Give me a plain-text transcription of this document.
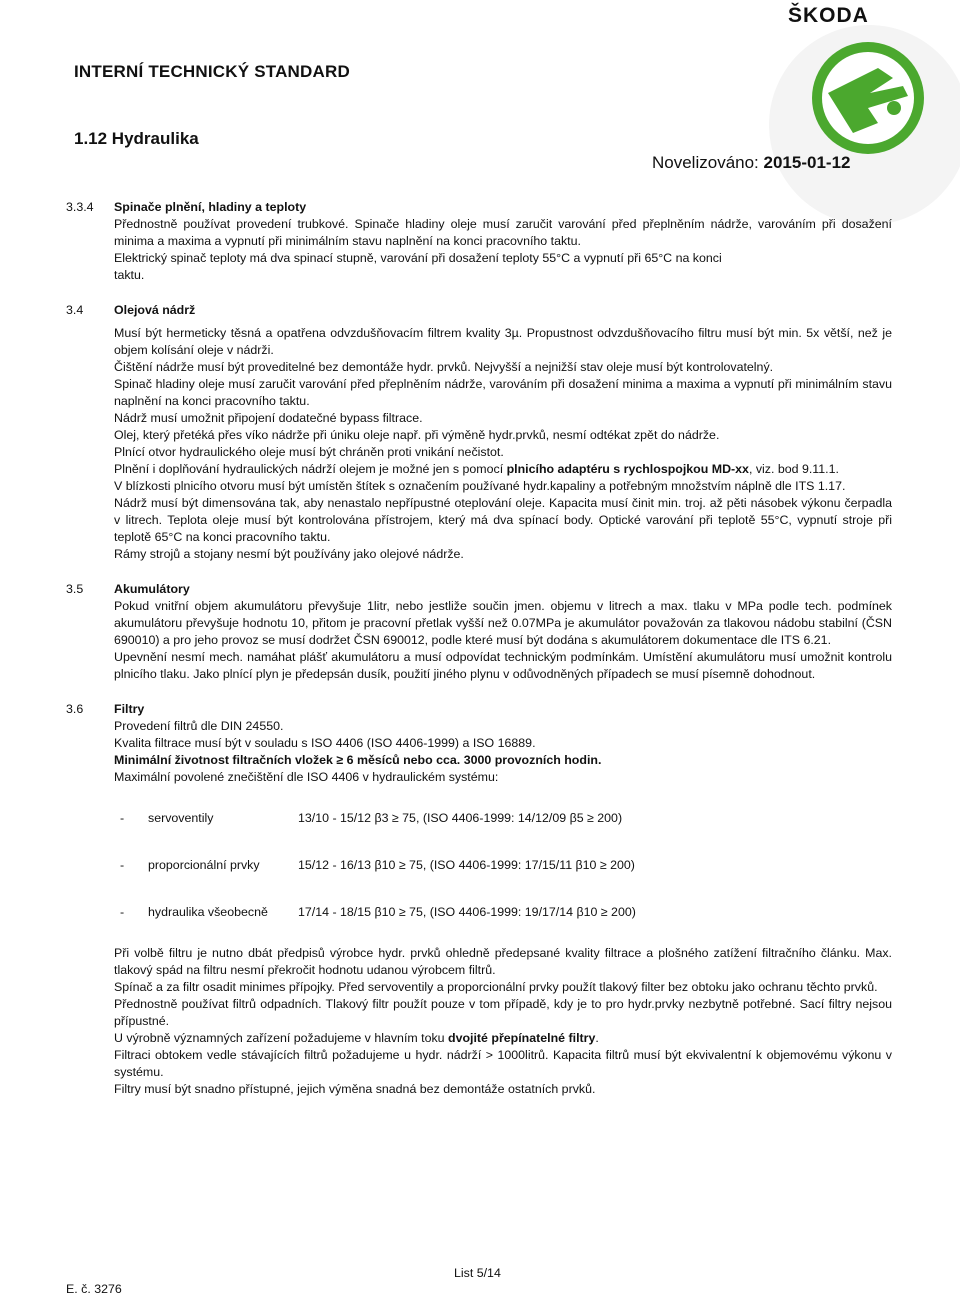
ŠKODA
INTERNÍ TECHNICKÝ STANDARD
1.12 Hydraulika
Novelizováno: 2015-01-12
3.3.4 Spinače plnění, hladiny a teploty

Přednostně používat provedení trubkové. Spinače hladiny oleje musí zaručit varování před přeplněním nádrže, varováním při dosažení minima a maxima a vypnutí při minimálním stavu naplnění na konci pracovního taktu.

Elektrický spinač teploty má dva spinací stupně, varování při dosažení teploty 55°C a vypnutí při 65°C na konci taktu.

3.4 Olejová nádrž

Musí být hermeticky těsná a opatřena odvzdušňovacím filtrem kvality 3µ. Propustnost odvzdušňovacího filtru musí být min. 5x větší, než je objem kolísání oleje v nádrži.

Čištění nádrže musí být proveditelné bez demontáže hydr. prvků. Nejvyšší a nejnižší stav oleje musí být kontrolovatelný.

Spinač hladiny oleje musí zaručit varování před přeplněním nádrže, varováním při dosažení minima a maxima a vypnutí při minimálním stavu naplnění na konci pracovního taktu.

Nádrž musí umožnit připojení dodatečné bypass filtrace.

Olej, který přetéká přes víko nádrže při úniku oleje např. při výměně hydr.prvků, nesmí odtékat zpět do nádrže.

Plnící otvor hydraulického oleje musí být chráněn proti vnikání nečistot.

Plnění i doplňování hydraulických nádrží olejem je možné jen s pomocí plnicího adaptéru s rychlospojkou MD-xx, viz. bod 9.11.1.

V blízkosti plnicího otvoru musí být umístěn štítek s označením používané hydr.kapaliny a potřebným množstvím náplně dle ITS 1.17.

Nádrž musí být dimensována tak, aby nenastalo nepřípustné oteplování oleje. Kapacita musí činit min. troj. až pěti násobek výkonu čerpadla v litrech. Teplota oleje musí být kontrolována přístrojem, který má dva spínací body. Optické varování při teplotě 55°C, vypnutí stroje při teplotě 65°C na konci pracovního taktu.

Rámy strojů a stojany nesmí být používány jako olejové nádrže.

3.5 Akumulátory

Pokud vnitřní objem akumulátoru převyšuje 1litr, nebo jestliže součin jmen. objemu v litrech a max. tlaku v MPa podle tech. podmínek akumulátoru převyšuje hodnotu 10, přitom je pracovní přetlak vyšší než 0.07MPa je akumulátor považován za tlakovou nádobu stabilní (ČSN 690010) a pro jeho provoz se musí dodržet ČSN 690012, podle které musí být dodána s akumulátorem dokumentace dle ITS 6.21.

Upevnění nesmí mech. namáhat plášť akumulátoru a musí odpovídat technickým podmínkám. Umístění akumulátoru musí umožnit kontrolu plnicího tlaku. Jako plnící plyn je předepsán dusík, použití jiného plynu v odůvodněných případech se musí písemně dohodnout.

3.6 Filtry

Provedení filtrů dle DIN 24550.

Kvalita filtrace musí být v souladu s ISO 4406 (ISO 4406-1999) a ISO 16889.

Minimální životnost filtračních vložek ≥ 6 měsíců nebo cca. 3000 provozních hodin.

Maximální povolené znečištění dle ISO 4406 v hydraulickém systému:

- servoventily	13/10 - 15/12 β3 ≥ 75, (ISO 4406-1999: 14/12/09 β5 ≥ 200)
- proporcionální prvky	15/12 - 16/13 β10 ≥ 75, (ISO 4406-1999: 17/15/11 β10 ≥ 200)
- hydraulika všeobecně 17/14 - 18/15 β10 ≥ 75, (ISO 4406-1999: 19/17/14 β10 ≥ 200)

Při volbě filtru je nutno dbát předpisů výrobce hydr. prvků ohledně předepsané kvality filtrace a plošného zatížení filtračního článku. Max. tlakový spád na filtru nesmí překročit hodnotu udanou výrobcem filtrů.

Spínač a za filtr osadit minimes přípojky. Před servoventily a proporcionální prvky použít tlakový filter bez obtoku jako ochranu těchto prvků.

Přednostně používat filtrů odpadních. Tlakový filtr použít pouze v tom případě, kdy je to pro hydr.prvky nezbytně potřebné. Sací filtry nejsou přípustné.

U výrobně významných zařízení požadujeme v hlavním toku dvojité přepínatelné filtry.

Filtraci obtokem vedle stávajících filtrů požadujeme u hydr. nádrží > 1000litrů. Kapacita filtrů musí být ekvivalentní k objemovému výkonu v systému.

Filtry musí být snadno přístupné, jejich výměna snadná bez demontáže ostatních prvků.

List 5/14
E. č. 3276
